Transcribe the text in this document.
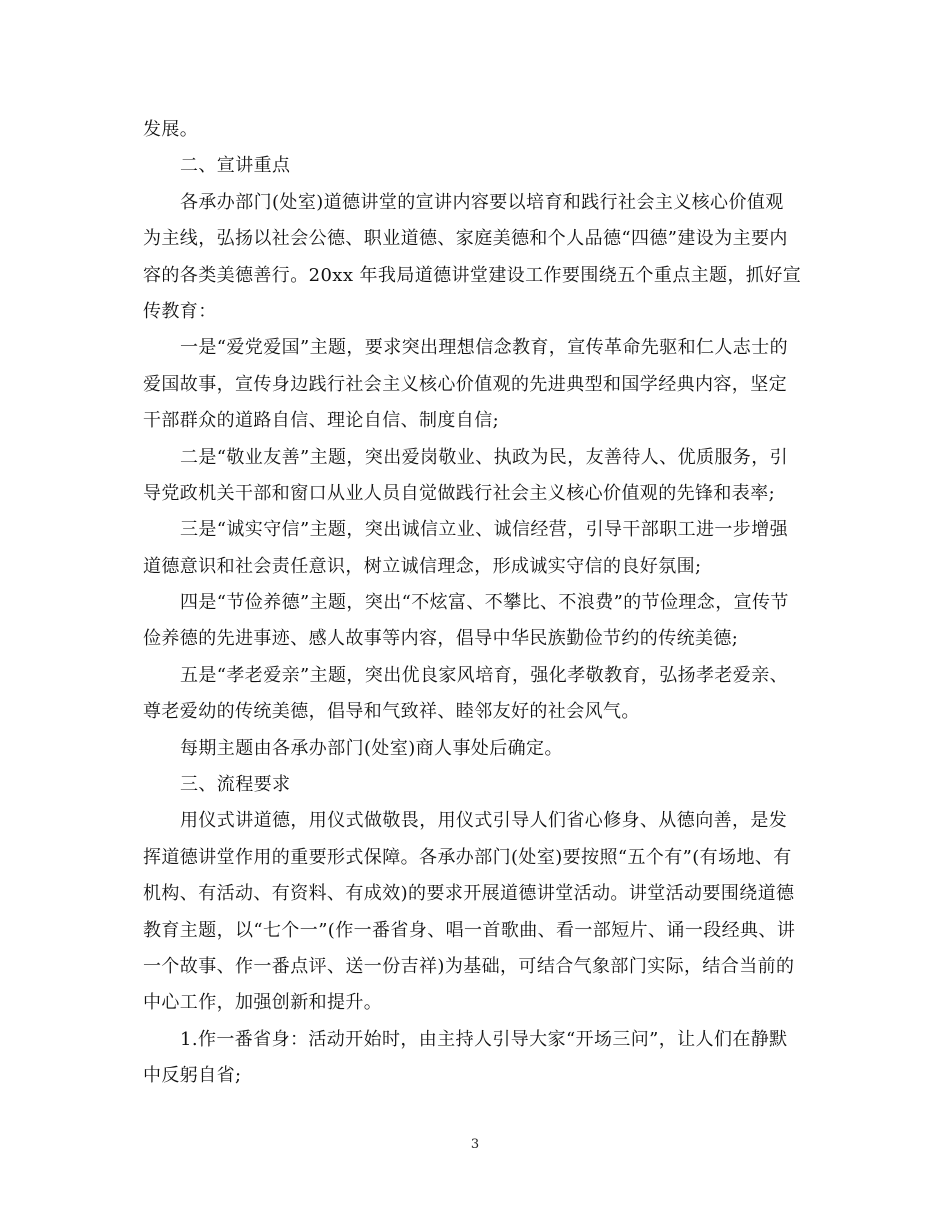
发展。
二、宣讲重点
各承办部门(处室)道德讲堂的宣讲内容要以培育和践行社会主义核心价值观
为主线，弘扬以社会公德、职业道德、家庭美德和个人品德“四德”建设为主要内
容的各类美德善行。20xx 年我局道德讲堂建设工作要围绕五个重点主题，抓好宣
传教育：
一是“爱党爱国”主题，要求突出理想信念教育，宣传革命先驱和仁人志士的
爱国故事，宣传身边践行社会主义核心价值观的先进典型和国学经典内容，坚定
干部群众的道路自信、理论自信、制度自信;
二是“敬业友善”主题，突出爱岗敬业、执政为民，友善待人、优质服务，引
导党政机关干部和窗口从业人员自觉做践行社会主义核心价值观的先锋和表率;
三是“诚实守信”主题，突出诚信立业、诚信经营，引导干部职工进一步增强
道德意识和社会责任意识，树立诚信理念，形成诚实守信的良好氛围;
四是“节俭养德”主题，突出“不炫富、不攀比、不浪费”的节俭理念，宣传节
俭养德的先进事迹、感人故事等内容，倡导中华民族勤俭节约的传统美德;
五是“孝老爱亲”主题，突出优良家风培育，强化孝敬教育，弘扬孝老爱亲、
尊老爱幼的传统美德，倡导和气致祥、睦邻友好的社会风气。
每期主题由各承办部门(处室)商人事处后确定。
三、流程要求
用仪式讲道德，用仪式做敬畏，用仪式引导人们省心修身、从德向善，是发
挥道德讲堂作用的重要形式保障。各承办部门(处室)要按照“五个有”(有场地、有
机构、有活动、有资料、有成效)的要求开展道德讲堂活动。讲堂活动要围绕道德
教育主题，以“七个一”(作一番省身、唱一首歌曲、看一部短片、诵一段经典、讲
一个故事、作一番点评、送一份吉祥)为基础，可结合气象部门实际，结合当前的
中心工作，加强创新和提升。
1.作一番省身：活动开始时，由主持人引导大家“开场三问”，让人们在静默
中反躬自省;
3
